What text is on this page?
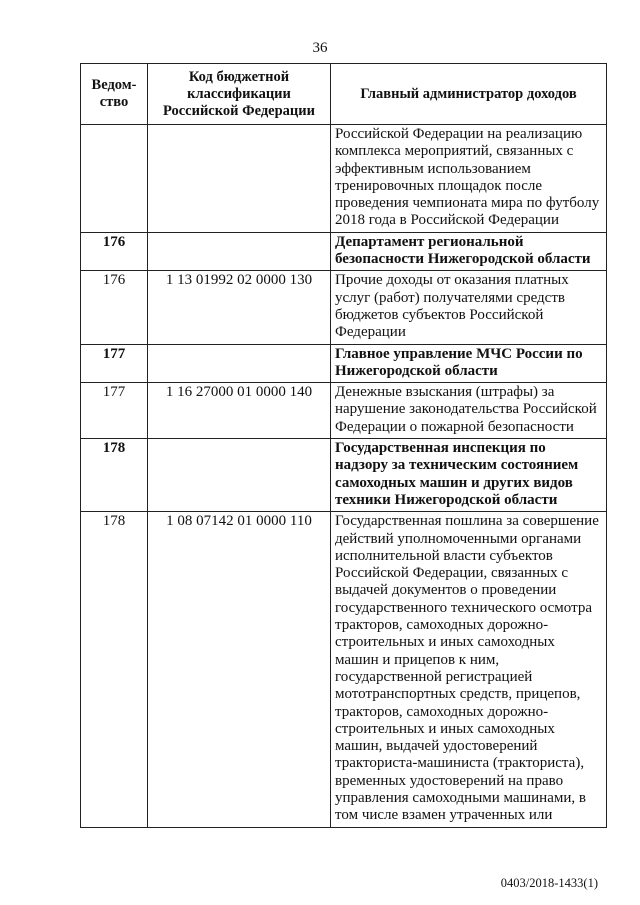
36
Ведом-ство	Код бюджетной классификации Российской Федерации	Главный администратор доходов
		Российской Федерации на реализацию комплекса мероприятий, связанных с эффективным использованием тренировочных площадок после проведения чемпионата мира по футболу 2018 года в Российской Федерации
176		Департамент региональной безопасности Нижегородской области
176	1 13 01992 02 0000 130	Прочие доходы от оказания платных услуг (работ) получателями средств бюджетов субъектов Российской Федерации
177		Главное управление МЧС России по Нижегородской области
177	1 16 27000 01 0000 140	Денежные взыскания (штрафы) за нарушение законодательства Российской Федерации о пожарной безопасности
178		Государственная инспекция по надзору за техническим состоянием самоходных машин и других видов техники Нижегородской области
178	1 08 07142 01 0000 110	Государственная пошлина за совершение действий уполномоченными органами исполнительной власти субъектов Российской Федерации, связанных с выдачей документов о проведении государственного технического осмотра тракторов, самоходных дорожно-строительных и иных самоходных машин и прицепов к ним, государственной регистрацией мототранспортных средств, прицепов, тракторов, самоходных дорожно-строительных и иных самоходных машин, выдачей удостоверений тракториста-машиниста (тракториста), временных удостоверений на право управления самоходными машинами, в том числе взамен утраченных или
0403/2018-1433(1)
